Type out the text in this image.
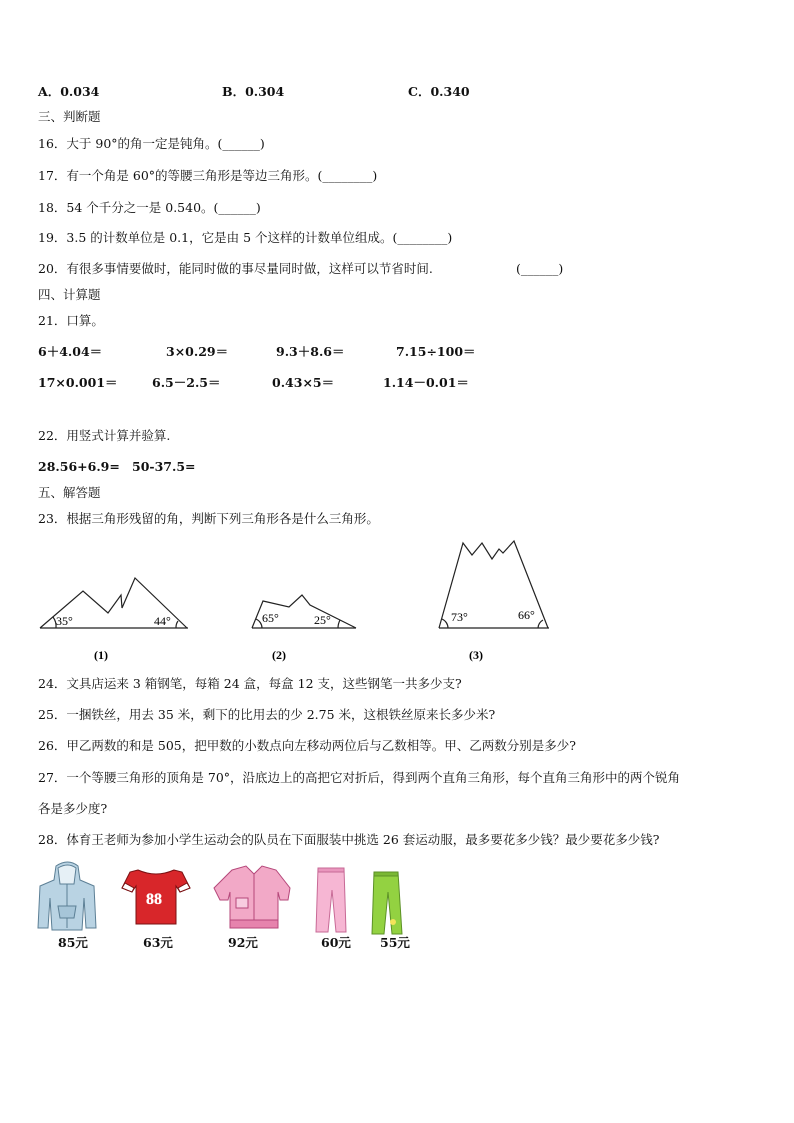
A．0.034	B．0.304	C．0.340
三、判断题
16．大于 90°的角一定是钝角。(______)
17．有一个角是 60°的等腰三角形是等边三角形。(________)
18．54 个千分之一是 0.540。(______)
19．3.5 的计数单位是 0.1，它是由 5 个这样的计数单位组成。(________)
20．有很多事情要做时，能同时做的事尽量同时做，这样可以节省时间.	(______)
四、计算题
21．口算。
6＋4.04＝	3×0.29＝	9.3＋8.6＝	7.15÷100＝
17×0.001＝	6.5－2.5＝	0.43×5＝	1.14－0.01＝
22．用竖式计算并验算.
28.56+6.9= 50-37.5=
五、解答题
23．根据三角形残留的角，判断下列三角形各是什么三角形。
35°	44°	65°	25°	73°	66°
(1)	(2)	(3)
24．文具店运来 3 箱钢笔，每箱 24 盒，每盒 12 支，这些钢笔一共多少支?
25．一捆铁丝，用去 35 米，剩下的比用去的少 2.75 米，这根铁丝原来长多少米?
26．甲乙两数的和是 505，把甲数的小数点向左移动两位后与乙数相等。甲、乙两数分别是多少?
27．一个等腰三角形的顶角是 70°，沿底边上的高把它对折后，得到两个直角三角形，每个直角三角形中的两个锐角
各是多少度?
28．体育王老师为参加小学生运动会的队员在下面服装中挑选 26 套运动服，最多要花多少钱？最少要花多少钱?
88
85元	63元	92元	60元 55元
